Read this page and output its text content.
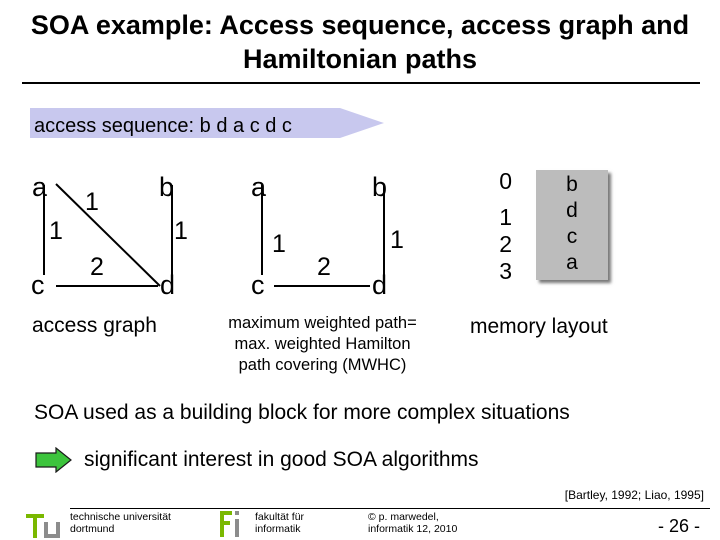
SOA example: Access sequence, access graph and Hamiltonian paths
access sequence: b d a c d c
a	b
c	d
1
1	1
2
access graph
a	b
c	d
1	1
2
maximum weighted path=
max. weighted Hamilton
path covering (MWHC)
0
1
2
3
b
d
c
a
memory layout
SOA used as a building block for more complex situations
significant interest in good SOA algorithms
[Bartley, 1992; Liao, 1995]
technische universität
dortmund
fakultät für
informatik
© p. marwedel,
informatik 12, 2010	- 26 -
